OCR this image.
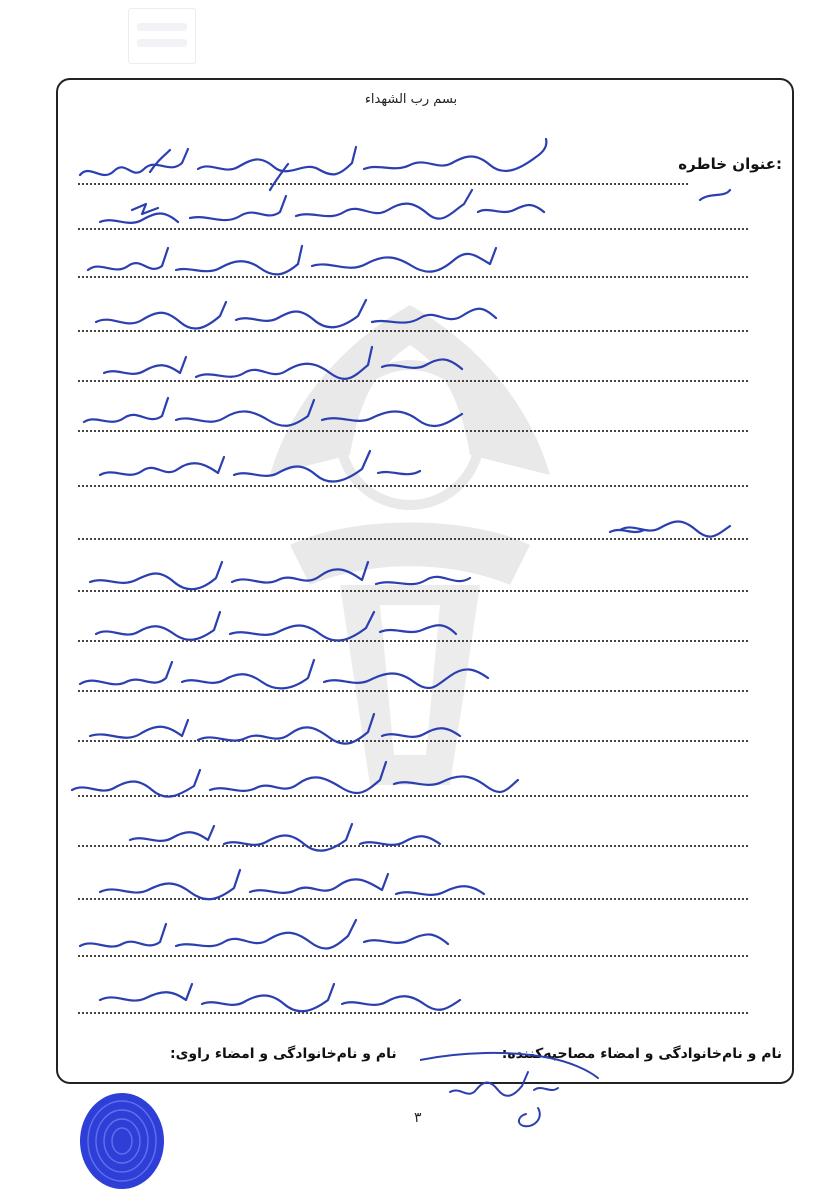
بسم رب الشهداء
عنوان خاطره:
نام و نام‌خانوادگی و امضاء مصاحبه‌کننده:
نام و نام‌خانوادگی و امضاء راوی:
۳
